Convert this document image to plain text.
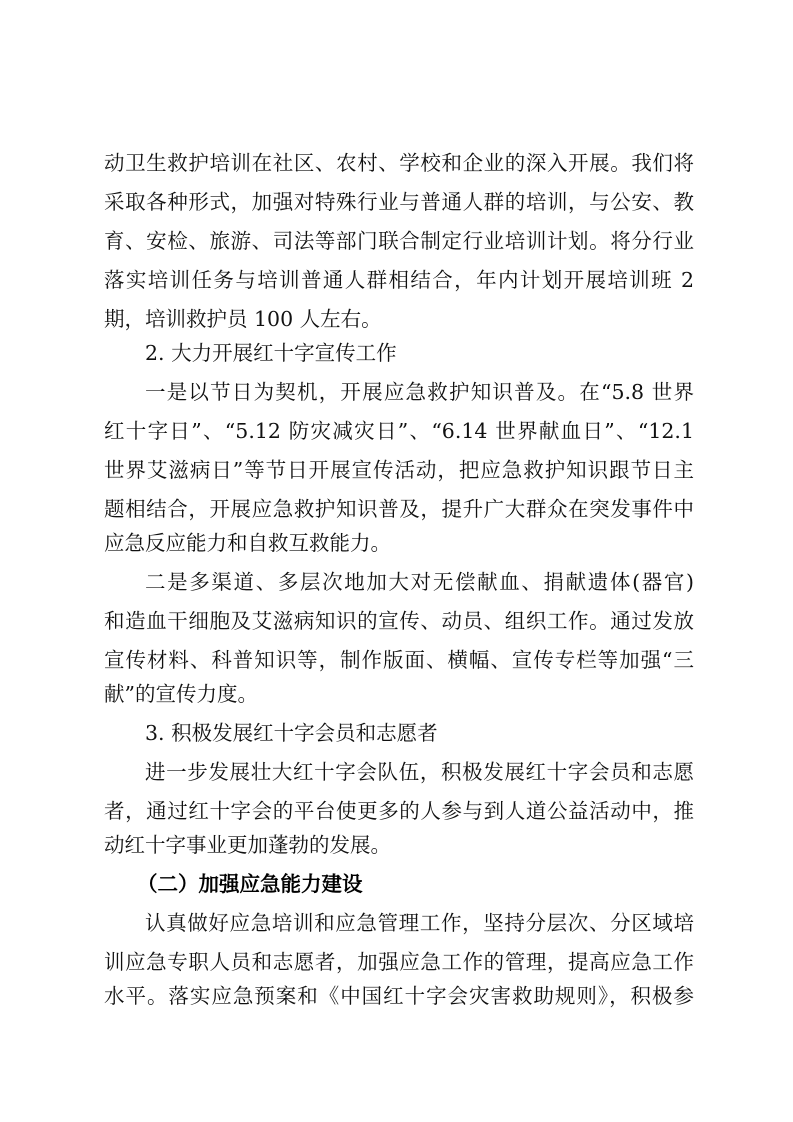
动卫生救护培训在社区、农村、学校和企业的深入开展。我们将
采取各种形式，加强对特殊行业与普通人群的培训，与公安、教
育、安检、旅游、司法等部门联合制定行业培训计划。将分行业
落实培训任务与培训普通人群相结合，年内计划开展培训班 2
期，培训救护员 100 人左右。
2. 大力开展红十字宣传工作
一是以节日为契机，开展应急救护知识普及。在“5.8 世界
红十字日”、“5.12 防灾减灾日”、“6.14 世界献血日”、“12.1
世界艾滋病日”等节日开展宣传活动，把应急救护知识跟节日主
题相结合，开展应急救护知识普及，提升广大群众在突发事件中
应急反应能力和自救互救能力。
二是多渠道、多层次地加大对无偿献血、捐献遗体(器官)
和造血干细胞及艾滋病知识的宣传、动员、组织工作。通过发放
宣传材料、科普知识等，制作版面、横幅、宣传专栏等加强“三
献”的宣传力度。
3. 积极发展红十字会员和志愿者
进一步发展壮大红十字会队伍，积极发展红十字会员和志愿
者，通过红十字会的平台使更多的人参与到人道公益活动中，推
动红十字事业更加蓬勃的发展。
（二）加强应急能力建设
认真做好应急培训和应急管理工作，坚持分层次、分区域培
训应急专职人员和志愿者，加强应急工作的管理，提高应急工作
水平。落实应急预案和《中国红十字会灾害救助规则》，积极参
